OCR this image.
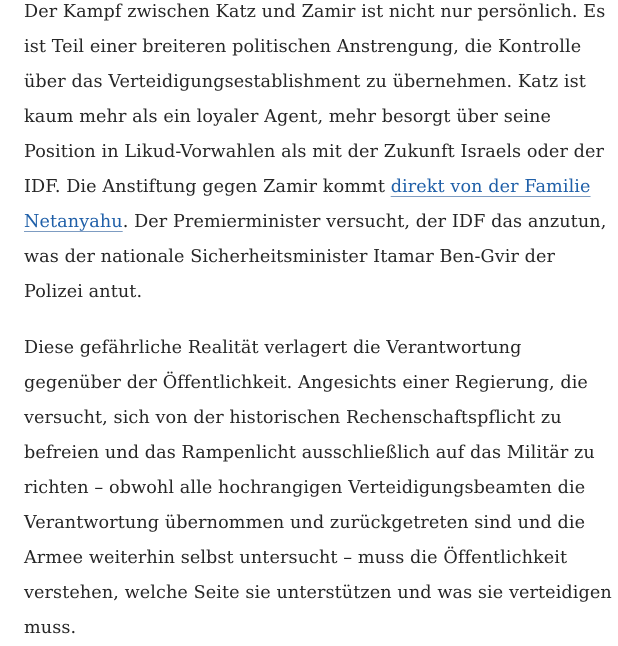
Der Kampf zwischen Katz und Zamir ist nicht nur persönlich. Es ist Teil einer breiteren politischen Anstrengung, die Kontrolle über das Verteidigungsestablishment zu übernehmen. Katz ist kaum mehr als ein loyaler Agent, mehr besorgt über seine Position in Likud-Vorwahlen als mit der Zukunft Israels oder der IDF. Die Anstiftung gegen Zamir kommt direkt von der Familie Netanyahu. Der Premierminister versucht, der IDF das anzutun, was der nationale Sicherheitsminister Itamar Ben-Gvir der Polizei antut.

Diese gefährliche Realität verlagert die Verantwortung gegenüber der Öffentlichkeit. Angesichts einer Regierung, die versucht, sich von der historischen Rechenschaftspflicht zu befreien und das Rampenlicht ausschließlich auf das Militär zu richten – obwohl alle hochrangigen Verteidigungsbeamten die Verantwortung übernommen und zurückgetreten sind und die Armee weiterhin selbst untersucht – muss die Öffentlichkeit verstehen, welche Seite sie unterstützen und was sie verteidigen muss.
